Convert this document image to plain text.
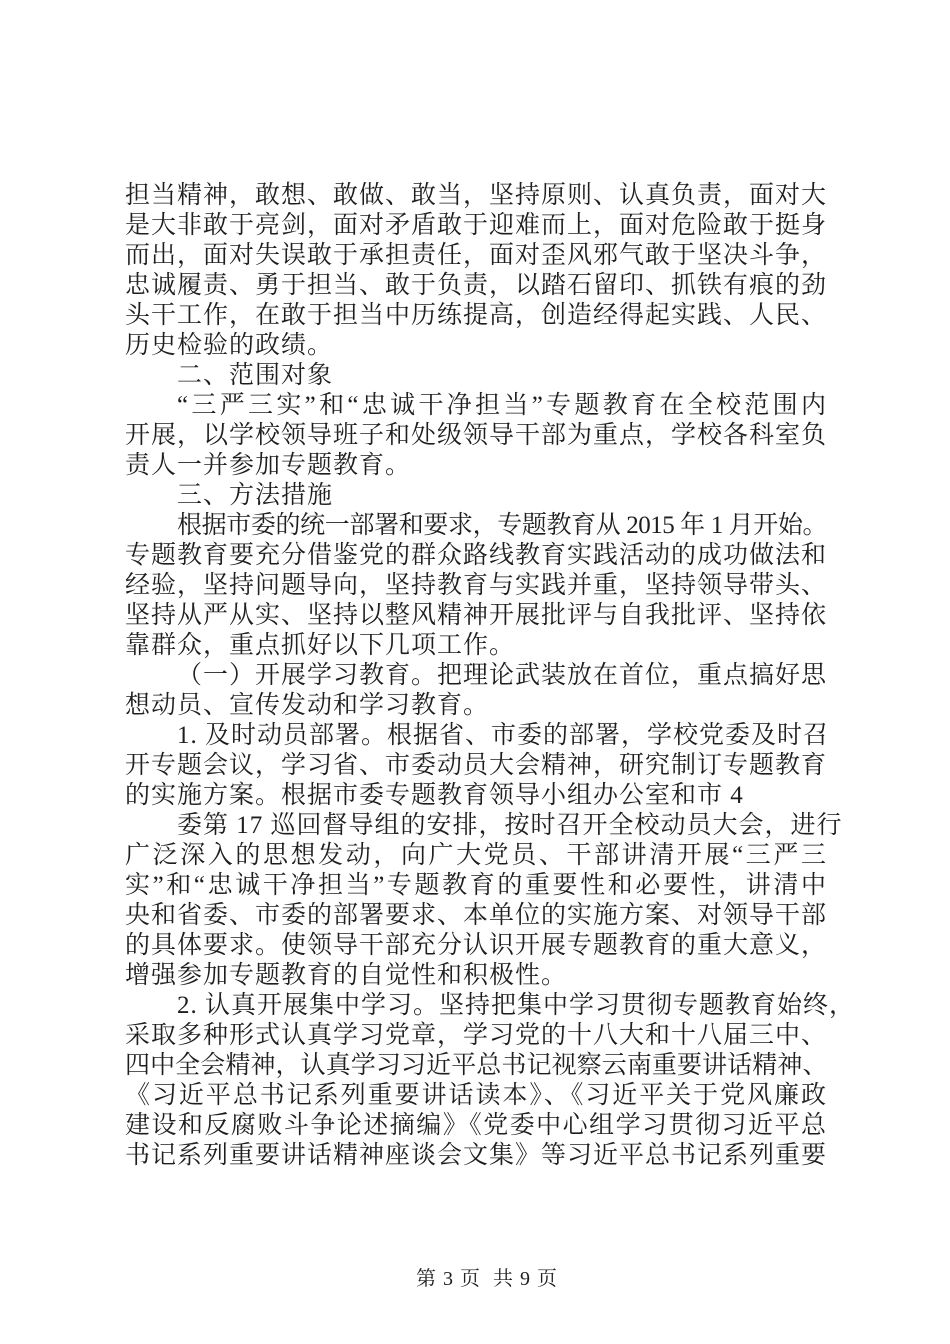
担当精神，敢想、敢做、敢当，坚持原则、认真负责，面对大
是大非敢于亮剑，面对矛盾敢于迎难而上，面对危险敢于挺身
而出，面对失误敢于承担责任，面对歪风邪气敢于坚决斗争，
忠诚履责、勇于担当、敢于负责，以踏石留印、抓铁有痕的劲
头干工作，在敢于担当中历练提高，创造经得起实践、人民、
历史检验的政绩。
二、范围对象
“三严三实”和“忠诚干净担当”专题教育在全校范围内
开展，以学校领导班子和处级领导干部为重点，学校各科室负
责人一并参加专题教育。
三、方法措施
根据市委的统一部署和要求，专题教育从 2015 年 1 月开始。
专题教育要充分借鉴党的群众路线教育实践活动的成功做法和
经验，坚持问题导向，坚持教育与实践并重，坚持领导带头、
坚持从严从实、坚持以整风精神开展批评与自我批评、坚持依
靠群众，重点抓好以下几项工作。
（一）开展学习教育。把理论武装放在首位，重点搞好思
想动员、宣传发动和学习教育。
1. 及时动员部署。根据省、市委的部署，学校党委及时召
开专题会议，学习省、市委动员大会精神，研究制订专题教育
的实施方案。根据市委专题教育领导小组办公室和市 4
委第 17 巡回督导组的安排，按时召开全校动员大会，进行
广泛深入的思想发动，向广大党员、干部讲清开展“三严三
实”和“忠诚干净担当”专题教育的重要性和必要性，讲清中
央和省委、市委的部署要求、本单位的实施方案、对领导干部
的具体要求。使领导干部充分认识开展专题教育的重大意义，
增强参加专题教育的自觉性和积极性。
2. 认真开展集中学习。坚持把集中学习贯彻专题教育始终，
采取多种形式认真学习党章，学习党的十八大和十八届三中、
四中全会精神，认真学习习近平总书记视察云南重要讲话精神、
《习近平总书记系列重要讲话读本》、《习近平关于党风廉政
建设和反腐败斗争论述摘编》《党委中心组学习贯彻习近平总
书记系列重要讲话精神座谈会文集》等习近平总书记系列重要

第 3 页  共 9 页
